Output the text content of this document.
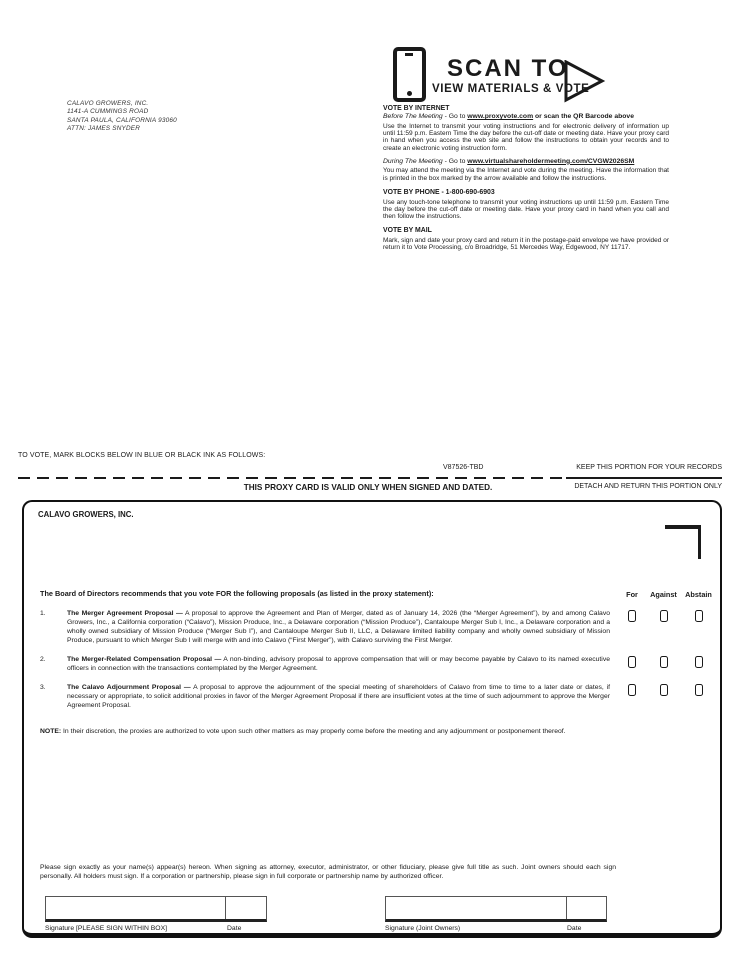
SCAN TO
VIEW MATERIALS & VOTE
CALAVO GROWERS, INC.
1141-A CUMMINGS ROAD
SANTA PAULA, CALIFORNIA 93060
ATTN: JAMES SNYDER
VOTE BY INTERNET
Before The Meeting - Go to www.proxyvote.com or scan the QR Barcode above

Use the Internet to transmit your voting instructions and for electronic delivery of information up until 11:59 p.m. Eastern Time the day before the cut-off date or meeting date. Have your proxy card in hand when you access the web site and follow the instructions to obtain your records and to create an electronic voting instruction form.

During The Meeting - Go to www.virtualshareholdermeeting.com/CVGW2026SM

You may attend the meeting via the Internet and vote during the meeting. Have the information that is printed in the box marked by the arrow available and follow the instructions.

VOTE BY PHONE - 1-800-690-6903

Use any touch-tone telephone to transmit your voting instructions up until 11:59 p.m. Eastern Time the day before the cut-off date or meeting date. Have your proxy card in hand when you call and then follow the instructions.

VOTE BY MAIL

Mark, sign and date your proxy card and return it in the postage-paid envelope we have provided or return it to Vote Processing, c/o Broadridge, 51 Mercedes Way, Edgewood, NY 11717.

TO VOTE, MARK BLOCKS BELOW IN BLUE OR BLACK INK AS FOLLOWS:
V87526-TBD	KEEP THIS PORTION FOR YOUR RECORDS
THIS PROXY CARD IS VALID ONLY WHEN SIGNED AND DATED.	DETACH AND RETURN THIS PORTION ONLY
CALAVO GROWERS, INC.
The Board of Directors recommends that you vote FOR the following proposals (as listed in the proxy statement):	For	Against	Abstain
1.	The Merger Agreement Proposal — A proposal to approve the Agreement and Plan of Merger, dated as of January 14, 2026 (the “Merger Agreement”), by and among Calavo Growers, Inc., a California corporation (“Calavo”), Mission Produce, Inc., a Delaware corporation (“Mission Produce”), Cantaloupe Merger Sub I, Inc., a Delaware corporation and a wholly owned subsidiary of Mission Produce (“Merger Sub I”), and Cantaloupe Merger Sub II, LLC, a Delaware limited liability company and wholly owned subsidiary of Mission Produce, pursuant to which Merger Sub I will merge with and into Calavo (“First Merger”), with Calavo surviving the First Merger.
2.	The Merger-Related Compensation Proposal — A non-binding, advisory proposal to approve compensation that will or may become payable by Calavo to its named executive officers in connection with the transactions contemplated by the Merger Agreement.
3.	The Calavo Adjournment Proposal — A proposal to approve the adjournment of the special meeting of shareholders of Calavo from time to time to a later date or dates, if necessary or appropriate, to solicit additional proxies in favor of the Merger Agreement Proposal if there are insufficient votes at the time of such adjournment to approve the Merger Agreement Proposal.
NOTE: In their discretion, the proxies are authorized to vote upon such other matters as may properly come before the meeting and any adjournment or postponement thereof.
Please sign exactly as your name(s) appear(s) hereon. When signing as attorney, executor, administrator, or other fiduciary, please give full title as such. Joint owners should each sign personally. All holders must sign. If a corporation or partnership, please sign in full corporate or partnership name by authorized officer.
Signature [PLEASE SIGN WITHIN BOX]	Date	Signature (Joint Owners)	Date
